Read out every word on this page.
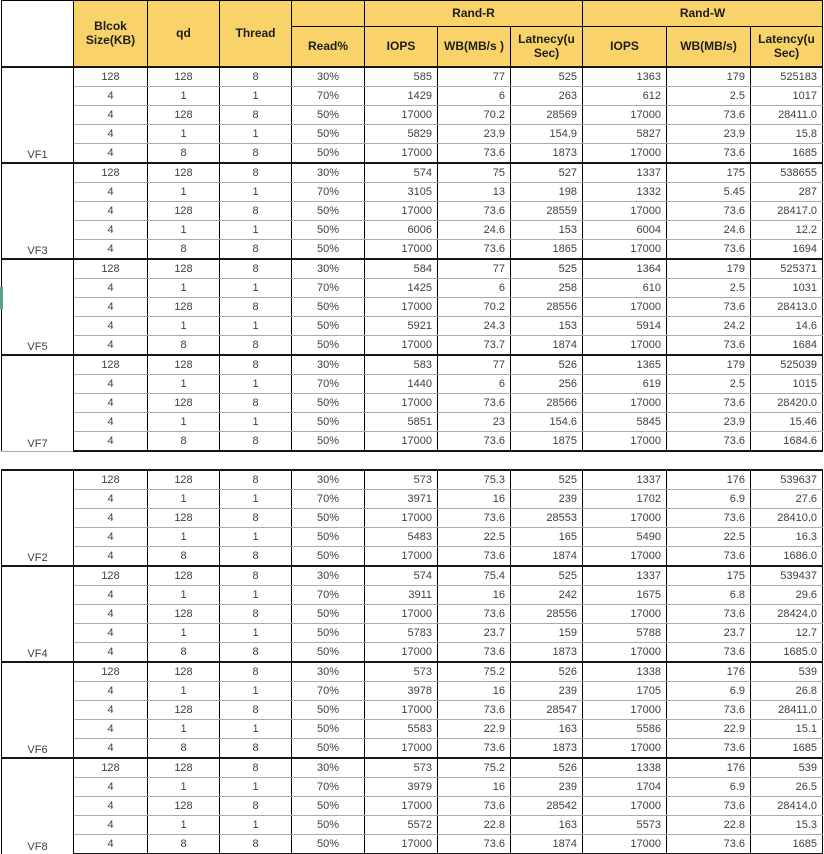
	Blcok Size(KB)	qd	Thread		Rand-R			Rand-W		
				Read%	IOPS	WB(MB/s )	Latnecy(u Sec)	IOPS	WB(MB/s)	Latency(u Sec)
VF1	128	128	8	30%	585	77	525	1363	179	525183
	4	1	1	70%	1429	6	263	612	2.5	1017
	4	128	8	50%	17000	70.2	28569	17000	73.6	28411.0
	4	1	1	50%	5829	23.9	154.9	5827	23.9	15.8
	4	8	8	50%	17000	73.6	1873	17000	73.6	1685
VF3	128	128	8	30%	574	75	527	1337	175	538655
	4	1	1	70%	3105	13	198	1332	5.45	287
	4	128	8	50%	17000	73.6	28559	17000	73.6	28417.0
	4	1	1	50%	6006	24.6	153	6004	24.6	12.2
	4	8	8	50%	17000	73.6	1865	17000	73.6	1694
VF5	128	128	8	30%	584	77	525	1364	179	525371
	4	1	1	70%	1425	6	258	610	2.5	1031
	4	128	8	50%	17000	70.2	28556	17000	73.6	28413.0
	4	1	1	50%	5921	24.3	153	5914	24.2	14.6
	4	8	8	50%	17000	73.7	1874	17000	73.6	1684
VF7	128	128	8	30%	583	77	526	1365	179	525039
	4	1	1	70%	1440	6	256	619	2.5	1015
	4	128	8	50%	17000	73.6	28566	17000	73.6	28420.0
	4	1	1	50%	5851	23	154.6	5845	23.9	15.46
	4	8	8	50%	17000	73.6	1875	17000	73.6	1684.6

VF2	128	128	8	30%	573	75.3	525	1337	176	539637
	4	1	1	70%	3971	16	239	1702	6.9	27.6
	4	128	8	50%	17000	73.6	28553	17000	73.6	28410.0
	4	1	1	50%	5483	22.5	165	5490	22.5	16.3
	4	8	8	50%	17000	73.6	1874	17000	73.6	1686.0
VF4	128	128	8	30%	574	75.4	525	1337	175	539437
	4	1	1	70%	3911	16	242	1675	6.8	29.6
	4	128	8	50%	17000	73.6	28556	17000	73.6	28424.0
	4	1	1	50%	5783	23.7	159	5788	23.7	12.7
	4	8	8	50%	17000	73.6	1873	17000	73.6	1685.0
VF6	128	128	8	30%	573	75.2	526	1338	176	539
	4	1	1	70%	3978	16	239	1705	6.9	26.8
	4	128	8	50%	17000	73.6	28547	17000	73.6	28411.0
	4	1	1	50%	5583	22.9	163	5586	22.9	15.1
	4	8	8	50%	17000	73.6	1873	17000	73.6	1685
VF8	128	128	8	30%	573	75.2	526	1338	176	539
	4	1	1	70%	3979	16	239	1704	6.9	26.5
	4	128	8	50%	17000	73.6	28542	17000	73.6	28414.0
	4	1	1	50%	5572	22.8	163	5573	22.8	15.3
	4	8	8	50%	17000	73.6	1874	17000	73.6	1685
